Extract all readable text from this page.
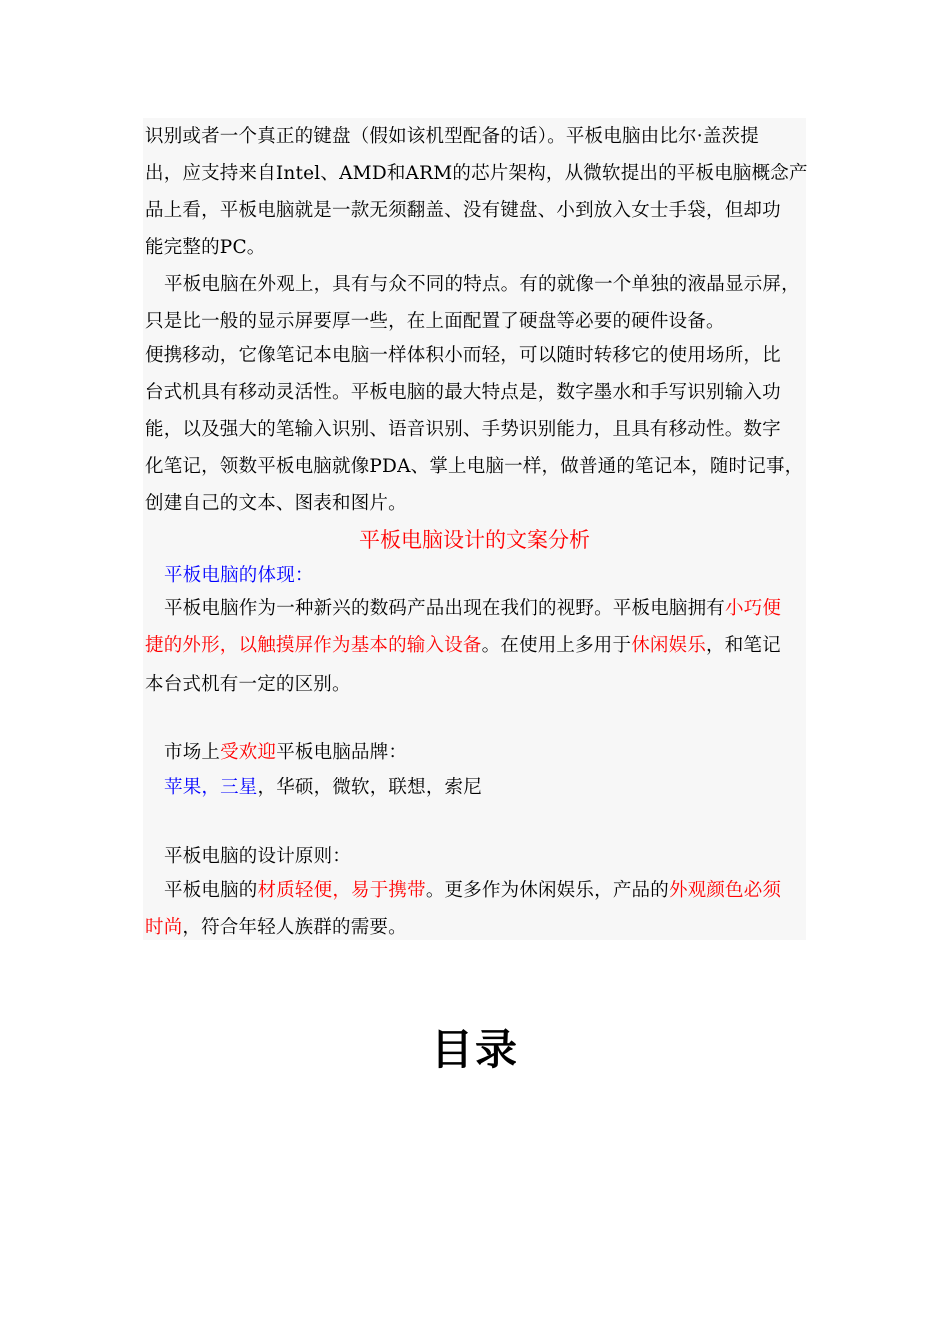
识别或者一个真正的键盘（假如该机型配备的话）。平板电脑由比尔·盖茨提
出，应支持来自Intel、AMD和ARM的芯片架构，从微软提出的平板电脑概念产
品上看，平板电脑就是一款无须翻盖、没有键盘、小到放入女士手袋，但却功
能完整的PC。
平板电脑在外观上，具有与众不同的特点。有的就像一个单独的液晶显示屏，
只是比一般的显示屏要厚一些，在上面配置了硬盘等必要的硬件设备。
便携移动，它像笔记本电脑一样体积小而轻，可以随时转移它的使用场所，比
台式机具有移动灵活性。平板电脑的最大特点是，数字墨水和手写识别输入功
能，以及强大的笔输入识别、语音识别、手势识别能力，且具有移动性。数字
化笔记，领数平板电脑就像PDA、掌上电脑一样，做普通的笔记本，随时记事，
创建自己的文本、图表和图片。
平板电脑设计的文案分析
平板电脑的体现：
平板电脑作为一种新兴的数码产品出现在我们的视野。平板电脑拥有小巧便
捷的外形，以触摸屏作为基本的输入设备。在使用上多用于休闲娱乐，和笔记
本台式机有一定的区别。
市场上受欢迎平板电脑品牌：
苹果，三星，华硕，微软，联想，索尼
平板电脑的设计原则：
平板电脑的材质轻便，易于携带。更多作为休闲娱乐，产品的外观颜色必须
时尚，符合年轻人族群的需要。
目录
